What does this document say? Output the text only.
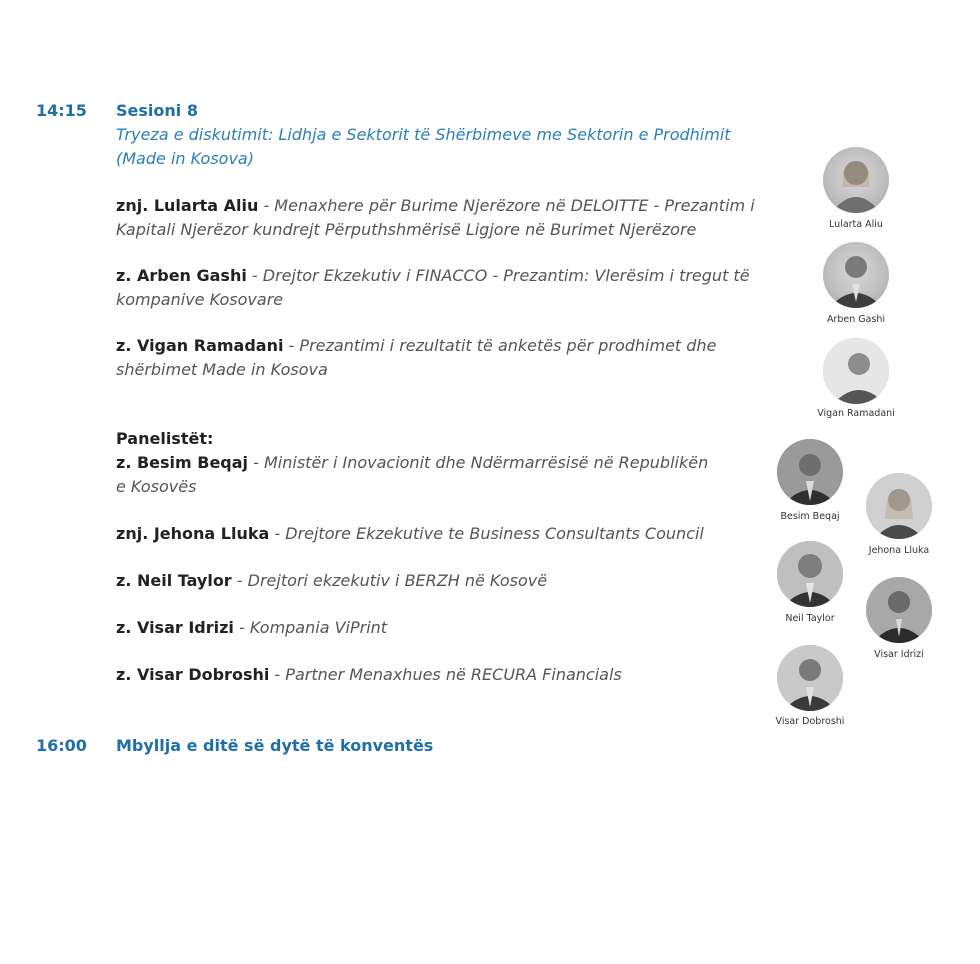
14:15 Sesioni 8
Tryeza e diskutimit: Lidhja e Sektorit të Shërbimeve me Sektorin e Prodhimit
(Made in Kosova)
znj. Lularta Aliu - Menaxhere për Burime Njerëzore në DELOITTE - Prezantim i
Kapitali Njerëzor kundrejt Përputhshmërisë Ligjore në Burimet Njerëzore
z. Arben Gashi - Drejtor Ekzekutiv i FINACCO - Prezantim: Vlerësim i tregut të
kompanive Kosovare
z. Vigan Ramadani - Prezantimi i rezultatit të anketës për prodhimet dhe
shërbimet Made in Kosova
Panelistët:
z. Besim Beqaj - Ministër i Inovacionit dhe Ndërmarrësisë në Republikën
e Kosovës
znj. Jehona Lluka - Drejtore Ekzekutive te Business Consultants Council
z. Neil Taylor - Drejtori ekzekutiv i BERZH në Kosovë
z. Visar Idrizi - Kompania ViPrint
z. Visar Dobroshi - Partner Menaxhues në RECURA Financials
16:00 Mbyllja e ditë së dytë të konventës
Lularta Aliu
Arben Gashi
Vigan Ramadani
Besim Beqaj
Jehona Lluka
Neil Taylor
Visar Idrizi
Visar Dobroshi
